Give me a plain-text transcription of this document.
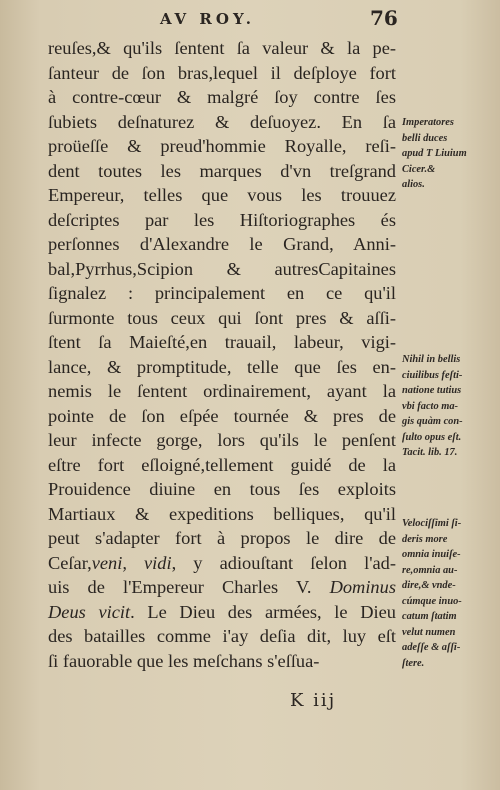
AV ROY.	76
reuſes,& qu'ils ſentent ſa valeur & la pe-
ſanteur de ſon bras,lequel il deſploye fort
à contre-cœur & malgré ſoy contre ſes
ſubiets deſnaturez & deſuoyez. En ſa
proüeſſe & preud'hommie Royalle, reſi-
dent toutes les marques d'vn treſgrand
Empereur, telles que vous les trouuez
deſcriptes par les Hiſtoriographes és
perſonnes d'Alexandre le Grand, Anni-
bal,Pyrrhus,Scipion & autresCapitaines
ſignalez : principalement en ce qu'il
ſurmonte tous ceux qui ſont pres & aſſi-
ſtent ſa Maieſté,en trauail, labeur, vigi-
lance, & promptitude, telle que ſes en-
nemis le ſentent ordinairement, ayant la
pointe de ſon eſpée tournée & pres de
leur infecte gorge, lors qu'ils le penſent
eſtre fort eſloigné,tellement guidé de la
Prouidence diuine en tous ſes exploits
Martiaux & expeditions belliques, qu'il
peut s'adapter fort à propos le dire de
Ceſar,veni, vidi, y adiouſtant ſelon l'ad-
uis de l'Empereur Charles V. Dominus
Deus vicit. Le Dieu des armées, le Dieu
des batailles comme i'ay deſia dit, luy eſt
ſi fauorable que les meſchans s'eſſua-
Imperatores
belli duces
apud T Liuium
Cicer.&
alios.
Nihil in bellis
ciuilibus feſti-
natione tutius
vbi facto ma-
gis quàm con-
ſulto opus eſt.
Tacit. lib. 17.
Velociſſimi ſi-
deris more
omnia inuiſe-
re,omnia au-
dire,& vnde-
cúmque inuo-
catum ſtatim
velut numen
adeſſe & aſſi-
ſtere.
K iij
